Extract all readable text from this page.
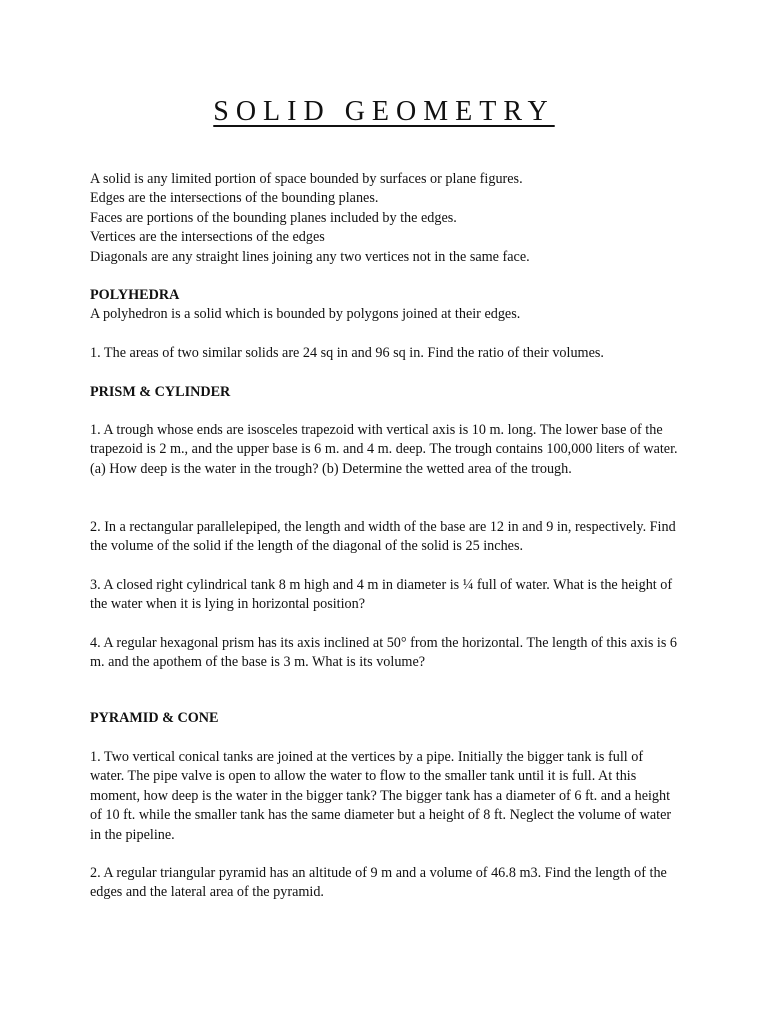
SOLID GEOMETRY
A solid is any limited portion of space bounded by surfaces or plane figures.
Edges are the intersections of the bounding planes.
Faces are portions of the bounding planes included by the edges.
Vertices are the intersections of the edges
Diagonals are any straight lines joining any two vertices not in the same face.
POLYHEDRA

A polyhedron is a solid which is bounded by polygons joined at their edges.

1. The areas of two similar solids are 24 sq in and 96 sq in. Find the ratio of their volumes.

PRISM & CYLINDER

1. A trough whose ends are isosceles trapezoid with vertical axis is 10 m. long. The lower base of the trapezoid is 2 m., and the upper base is 6 m. and 4 m. deep. The trough contains 100,000 liters of water. (a) How deep is the water in the trough? (b) Determine the wetted area of the trough.

2. In a rectangular parallelepiped, the length and width of the base are 12 in and 9 in, respectively. Find the volume of the solid if the length of the diagonal of the solid is 25 inches.

3. A closed right cylindrical tank 8 m high and 4 m in diameter is ¼ full of water. What is the height of the water when it is lying in horizontal position?

4. A regular hexagonal prism has its axis inclined at 50° from the horizontal. The length of this axis is 6 m. and the apothem of the base is 3 m. What is its volume?

PYRAMID & CONE

1. Two vertical conical tanks are joined at the vertices by a pipe. Initially the bigger tank is full of water. The pipe valve is open to allow the water to flow to the smaller tank until it is full. At this moment, how deep is the water in the bigger tank? The bigger tank has a diameter of 6 ft. and a height of 10 ft. while the smaller tank has the same diameter but a height of 8 ft. Neglect the volume of water in the pipeline.

2. A regular triangular pyramid has an altitude of 9 m and a volume of 46.8 m3. Find the length of the edges and the lateral area of the pyramid.
